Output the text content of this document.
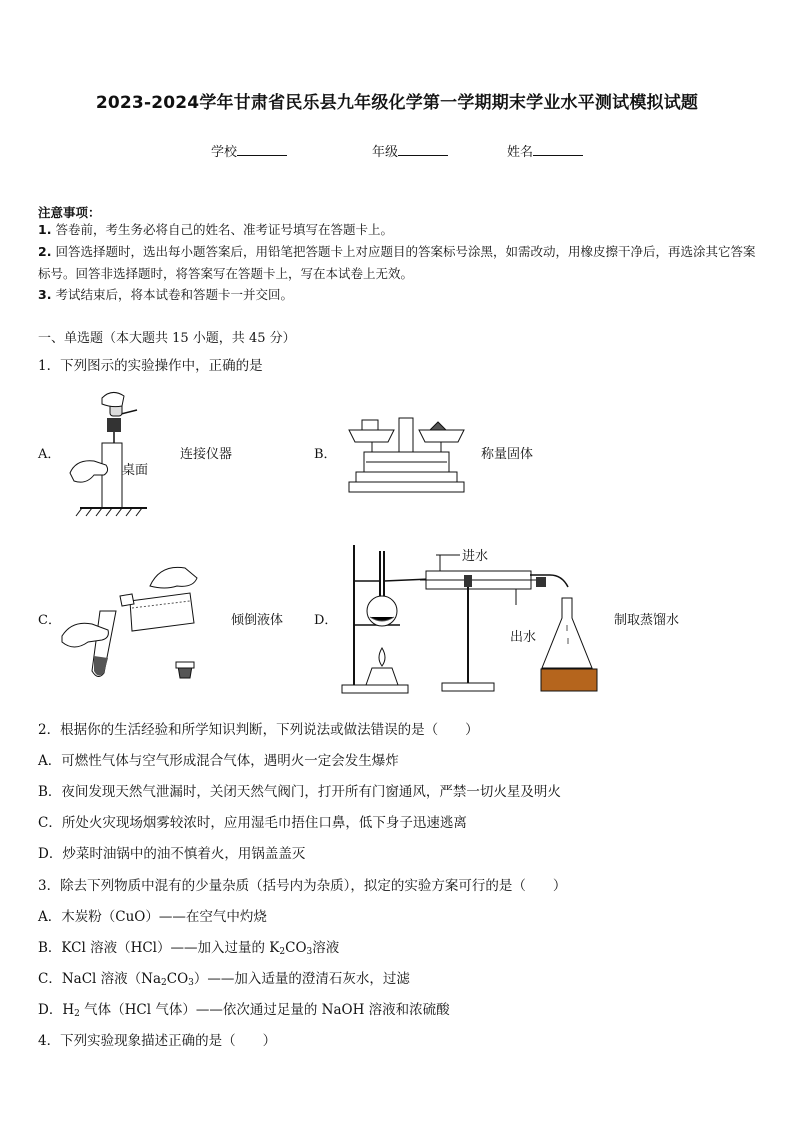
2023-2024学年甘肃省民乐县九年级化学第一学期期末学业水平测试模拟试题
学校	年级	姓名
注意事项：
1. 答卷前，考生务必将自己的姓名、准考证号填写在答题卡上。
2. 回答选择题时，选出每小题答案后，用铅笔把答题卡上对应题目的答案标号涂黑，如需改动，用橡皮擦干净后，再选涂其它答案标号。回答非选择题时，将答案写在答题卡上，写在本试卷上无效。
3. 考试结束后，将本试卷和答题卡一并交回。
一、单选题（本大题共 15 小题，共 45 分）
1．下列图示的实验操作中，正确的是
A．
桌面
连接仪器	B．	称量固体
C．	倾倒液体 D．
进水
出水
制取蒸馏水
2．根据你的生活经验和所学知识判断，下列说法或做法错误的是（　　）
A．可燃性气体与空气形成混合气体，遇明火一定会发生爆炸
B．夜间发现天然气泄漏时，关闭天然气阀门，打开所有门窗通风，严禁一切火星及明火
C．所处火灾现场烟雾较浓时，应用湿毛巾捂住口鼻，低下身子迅速逃离
D．炒菜时油锅中的油不慎着火，用锅盖盖灭
3．除去下列物质中混有的少量杂质（括号内为杂质），拟定的实验方案可行的是（　　）
A．木炭粉（CuO）——在空气中灼烧
B．KCl 溶液（HCl）——加入过量的 $K_2CO_3$溶液
C．NaCl 溶液$(Na_2CO_3)——$加入适量的澄清石灰水，过滤
D．$H_2$ 气体（HCl 气体）——依次通过足量的 NaOH 溶液和浓硫酸
4．下列实验现象描述正确的是（　　）
